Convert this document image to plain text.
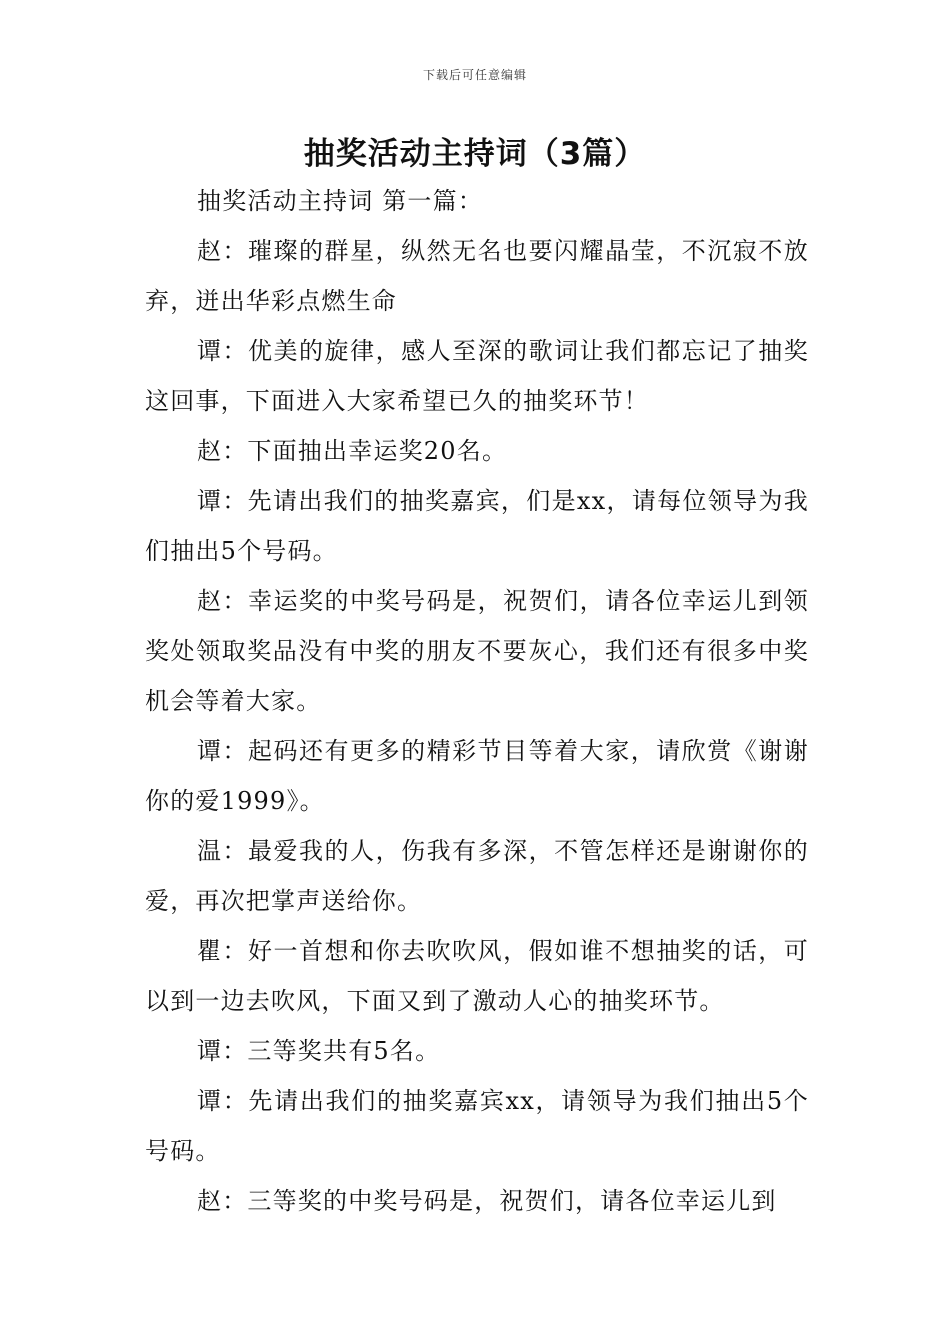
下载后可任意编辑
抽奖活动主持词（3篇）

抽奖活动主持词 第一篇：

赵：璀璨的群星，纵然无名也要闪耀晶莹，不沉寂不放弃，迸出华彩点燃生命

谭：优美的旋律，感人至深的歌词让我们都忘记了抽奖这回事，下面进入大家希望已久的抽奖环节！

赵：下面抽出幸运奖20名。

谭：先请出我们的抽奖嘉宾，们是xx，请每位领导为我们抽出5个号码。

赵：幸运奖的中奖号码是，祝贺们，请各位幸运儿到领奖处领取奖品没有中奖的朋友不要灰心，我们还有很多中奖机会等着大家。

谭：起码还有更多的精彩节目等着大家，请欣赏《谢谢你的爱1999》。

温：最爱我的人，伤我有多深，不管怎样还是谢谢你的爱，再次把掌声送给你。

瞿：好一首想和你去吹吹风，假如谁不想抽奖的话，可以到一边去吹风，下面又到了激动人心的抽奖环节。

谭：三等奖共有5名。

谭：先请出我们的抽奖嘉宾xx，请领导为我们抽出5个号码。

赵：三等奖的中奖号码是，祝贺们，请各位幸运儿到
